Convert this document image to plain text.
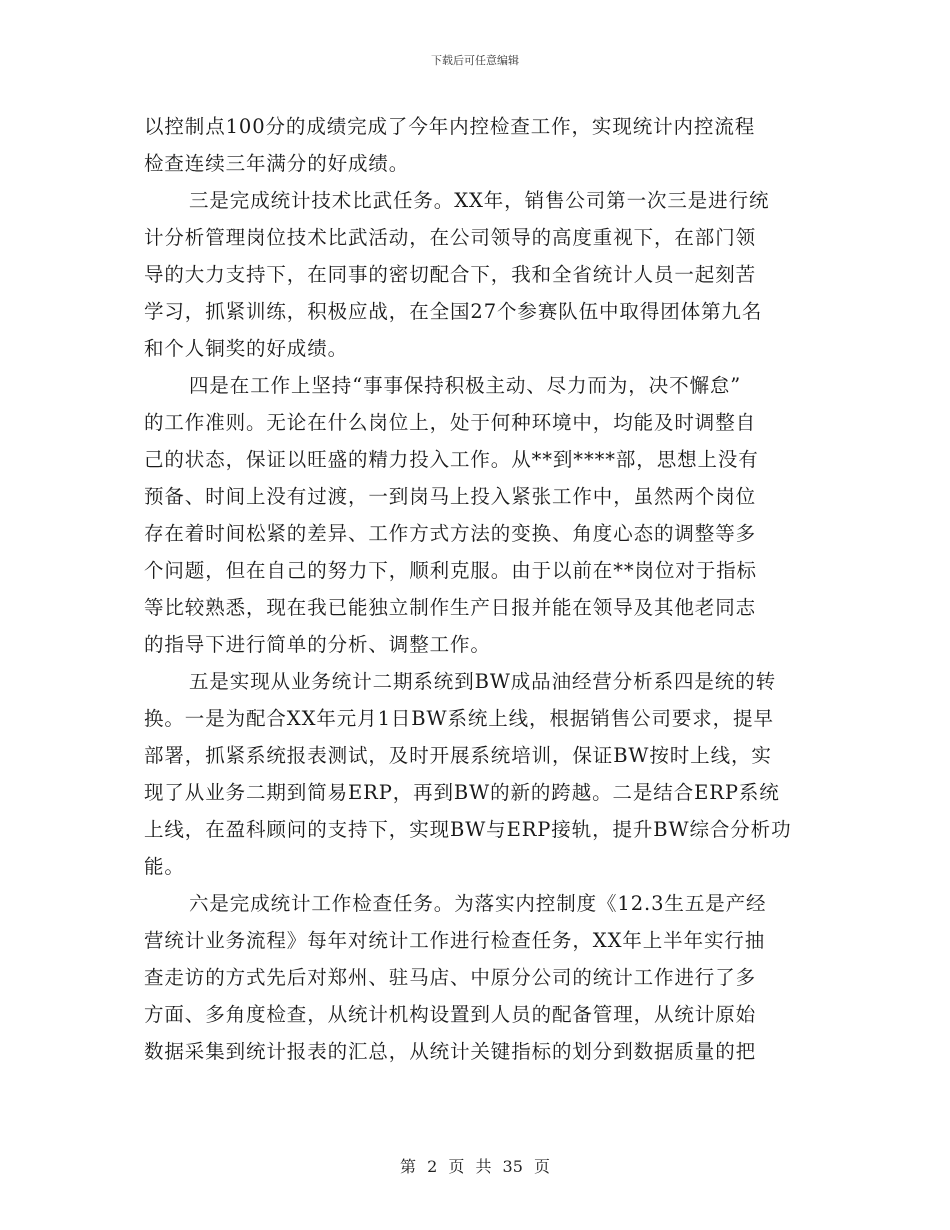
下载后可任意编辑
以控制点100分的成绩完成了今年内控检查工作，实现统计内控流程
检查连续三年满分的好成绩。
三是完成统计技术比武任务。XX年，销售公司第一次三是进行统
计分析管理岗位技术比武活动，在公司领导的高度重视下，在部门领
导的大力支持下，在同事的密切配合下，我和全省统计人员一起刻苦
学习，抓紧训练，积极应战，在全国27个参赛队伍中取得团体第九名
和个人铜奖的好成绩。
四是在工作上坚持“事事保持积极主动、尽力而为，决不懈怠”
的工作准则。无论在什么岗位上，处于何种环境中，均能及时调整自
己的状态，保证以旺盛的精力投入工作。从**到****部，思想上没有
预备、时间上没有过渡，一到岗马上投入紧张工作中，虽然两个岗位
存在着时间松紧的差异、工作方式方法的变换、角度心态的调整等多
个问题，但在自己的努力下，顺利克服。由于以前在**岗位对于指标
等比较熟悉，现在我已能独立制作生产日报并能在领导及其他老同志
的指导下进行简单的分析、调整工作。
五是实现从业务统计二期系统到BW成品油经营分析系四是统的转
换。一是为配合XX年元月1日BW系统上线，根据销售公司要求，提早
部署，抓紧系统报表测试，及时开展系统培训，保证BW按时上线，实
现了从业务二期到简易ERP，再到BW的新的跨越。二是结合ERP系统
上线，在盈科顾问的支持下，实现BW与ERP接轨，提升BW综合分析功
能。
六是完成统计工作检查任务。为落实内控制度《12.3生五是产经
营统计业务流程》每年对统计工作进行检查任务，XX年上半年实行抽
查走访的方式先后对郑州、驻马店、中原分公司的统计工作进行了多
方面、多角度检查，从统计机构设置到人员的配备管理，从统计原始
数据采集到统计报表的汇总，从统计关键指标的划分到数据质量的把
第 2 页 共 35 页
